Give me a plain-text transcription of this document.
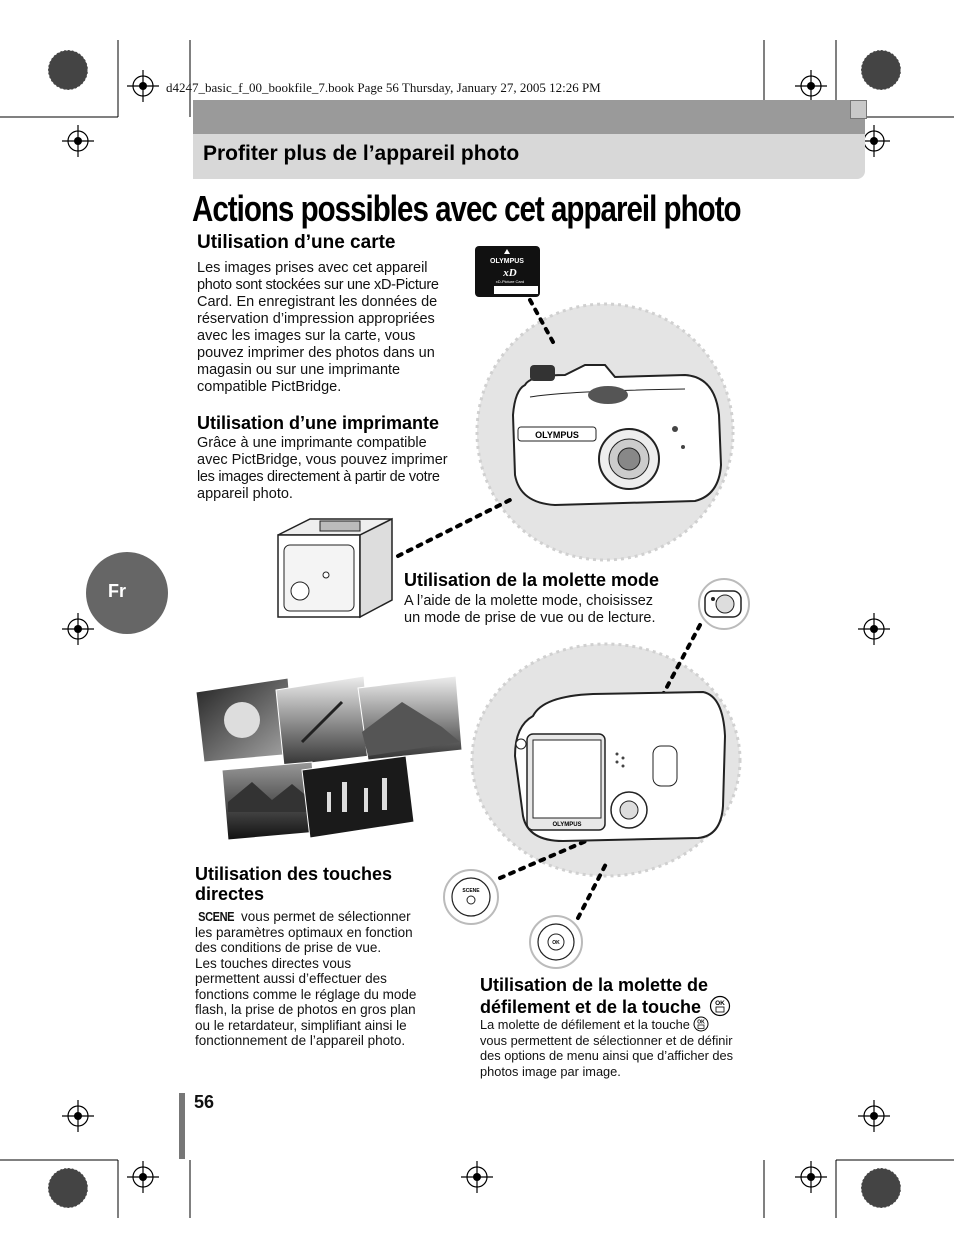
d4247_basic_f_00_bookfile_7.book Page 56 Thursday, January 27, 2005 12:26 PM
Profiter plus de l’appareil photo
Actions possibles avec cet appareil photo
OLYMPUS
xD
xD-Picture Card
OLYMPUS
OLYMPUS
SCENE
OK
Utilisation d’une carte
Les images prises avec cet appareil
photo sont stockées sur une xD-Picture
Card. En enregistrant les données de
réservation d’impression appropriées
avec les images sur la carte, vous
pouvez imprimer des photos dans un
magasin ou sur une imprimante
compatible PictBridge.
Utilisation d’une imprimante
Grâce à une imprimante compatible
avec PictBridge, vous pouvez imprimer
les images directement à partir de votre
appareil photo.
Fr
Utilisation de la molette mode
A l’aide de la molette mode, choisissez
un mode de prise de vue ou de lecture.
Utilisation des touches
directes
SCENE vous permet de sélectionner
les paramètres optimaux en fonction
des conditions de prise de vue.
Les touches directes vous
permettent aussi d’effectuer des
fonctions comme le réglage du mode
flash, la prise de photos en gros plan
ou le retardateur, simplifiant ainsi le
fonctionnement de l’appareil photo.
Utilisation de la molette de
défilement et de la touche OK
La molette de défilement et la touche OK
vous permettent de sélectionner et de définir
des options de menu ainsi que d’afficher des
photos image par image.
56
